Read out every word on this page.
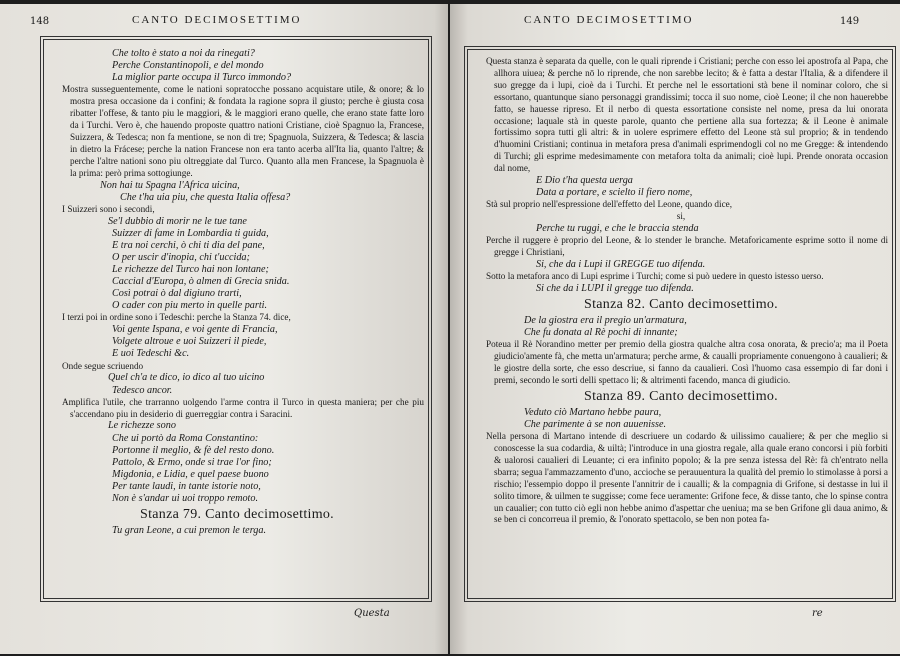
148	CANTO DECIMOSETTIMO

Che tolto è stato a noi da rinegati?

Perche Constantinopoli, e del mondo

La miglior parte occupa il Turco immondo?

Mostra susseguentemente, come le nationi sopratocche possano acquistare utile, & onore; & lo mostra presa occasione da i confini; & fondata la ragione sopra il giusto; perche è giusta cosa ribatter l'offese, & tanto piu le maggiori, & le maggiori erano quelle, che erano state fatte loro da i Turchi. Vero è, che hauendo proposte quattro nationi Cristiane, cioè Spagnuo la, Francese, Suizzera, & Tedesca; non fa mentione, se non di tre; Spagnuola, Suizzera, & Tedesca; & lascia in dietro la Frácese; perche la nation Francese non era tanto acerba all'Ita lia, quanto l'altre; & perche l'altre nationi sono piu oltreggiate dal Turco. Quanto alla men Francese, la Spagnuola è la prima: però prima sottogiunge.

Non hai tu Spagna l'Africa uicina,

Che t'ha uia piu, che questa Italia offesa?

I Suizzeri sono i secondi,

Se'l dubbio di morir ne le tue tane

Suizzer di fame in Lombardia ti guida,

E tra noi cerchi, ò chi ti dia del pane,

O per uscir d'inopia, chi t'uccida;

Le richezze del Turco hai non lontane;

Caccial d'Europa, ò almen di Grecia snida.

Così potrai ò dal digiuno trarti,

O cader con piu merto in quelle parti.

I terzi poi in ordine sono i Tedeschi: perche la Stanza 74. dice,

Voi gente Ispana, e voi gente di Francia,

Volgete altroue e uoi Suizzeri il piede,

E uoi Tedeschi &c.

Onde segue scriuendo

Quel ch'a te dico, io dico al tuo uicino

Tedesco ancor.

Amplifica l'utile, che trarranno uolgendo l'arme contra il Turco in questa maniera; per che piu s'accendano piu in desiderio di guerreggiar contra i Saracini.

Le richezze sono

Che ui portò da Roma Constantino:

Portonne il meglio, & fè del resto dono.

Pattolo, & Ermo, onde si trae l'or fino;

Migdonia, e Lidia, e quel paese buono

Per tante laudi, in tante istorie noto,

Non è s'andar ui uoi troppo remoto.

Stanza 79. Canto decimosettimo.

Tu gran Leone, a cui premon le terga.

Questa
CANTO DECIMOSETTIMO	149

Questa stanza è separata da quelle, con le quali riprende i Cristiani; perche con esso lei apostrofa al Papa, che allhora uiuea; & perche nō lo riprende, che non sarebbe lecito; & è fatta a destar l'Italia, & a difendere il suo gregge da i lupi, cioè da i Turchi. Et perche nel le essortationi stà bene il nominar coloro, che si essortano, quantunque siano personaggi grandissimi; tocca il suo nome, cioè Leone; il che non hauerebbe fatto, se hauesse ripreso. Et il nerbo di questa essortatione consiste nel nome, presa da lui onorata occasione; laquale stà in queste parole, quanto che pertiene alla sua fortezza; & il Leone è animale fortissimo sopra tutti gli altri: & in uolere esprimere effetto del Leone stà sul proprio; & in tendendo d'huomini Cristiani; continua in metafora presa d'animali esprimendogli col no me Gregge: & intendendo di Turchi; gli esprime medesimamente con metafora tolta da animali; cioè lupi. Prende onorata occasion dal nome,

E Dio t'ha questa uerga

Data a portare, e scielto il fiero nome,

Stà sul proprio nell'espressione dell'effetto del Leone, quando dice,

si,

Perche tu ruggi, e che le braccia stenda

Perche il ruggere è proprio del Leone, & lo stender le branche. Metaforicamente esprime sotto il nome di gregge i Christiani,

Si, che da i Lupi il GREGGE tuo difenda.

Sotto la metafora anco di Lupi esprime i Turchi; come si può uedere in questo istesso uerso.

Si che da i LUPI il gregge tuo difenda.

Stanza 82. Canto decimosettimo.

De la giostra era il pregio un'armatura,

Che fu donata al Rè pochi di innante;

Poteua il Rè Norandino metter per premio della giostra qualche altra cosa onorata, & precio'a; ma il Poeta giudicio'amente fà, che metta un'armatura; perche arme, & caualli propriamente conuengono à caualieri; & le giostre della sorte, che esso descriue, si fanno da caualieri. Così l'huomo casa essempio di far doni i premi, secondo le sorti delli spettaco li; & altrimenti facendo, manca di giudicio.

Stanza 89. Canto decimosettimo.

Veduto ciò Martano hebbe paura,

Che parimente à se non auuenisse.

Nella persona di Martano intende di descriuere un codardo & uilissimo caualiere; & per che meglio si conoscesse la sua codardia, & uiltà; l'introduce in una giostra regale, alla quale erano concorsi i più forbiti & ualorosi caualieri di Leuante; ci era infinito popolo; & la pre senza istessa del Rè: fà ch'entrato nella sbarra; segua l'ammazzamento d'uno, accioche se perauuentura la qualità del premio lo stimolasse à porsi a rischio; l'essempio doppo il presente l'annitrir de i caualli; & la compagnia di Grifone, si destasse in lui il solito timore, & uilmen te suggisse; come fece ueramente: Grifone fece, & disse tanto, che lo spinse contra un caualier; con tutto ciò egli non hebbe animo d'aspettar che ueniua; ma se ben Grifone gli daua animo, & se ben ci concorreua il premio, & l'onorato spettacolo, se ben non potea fa-

re
